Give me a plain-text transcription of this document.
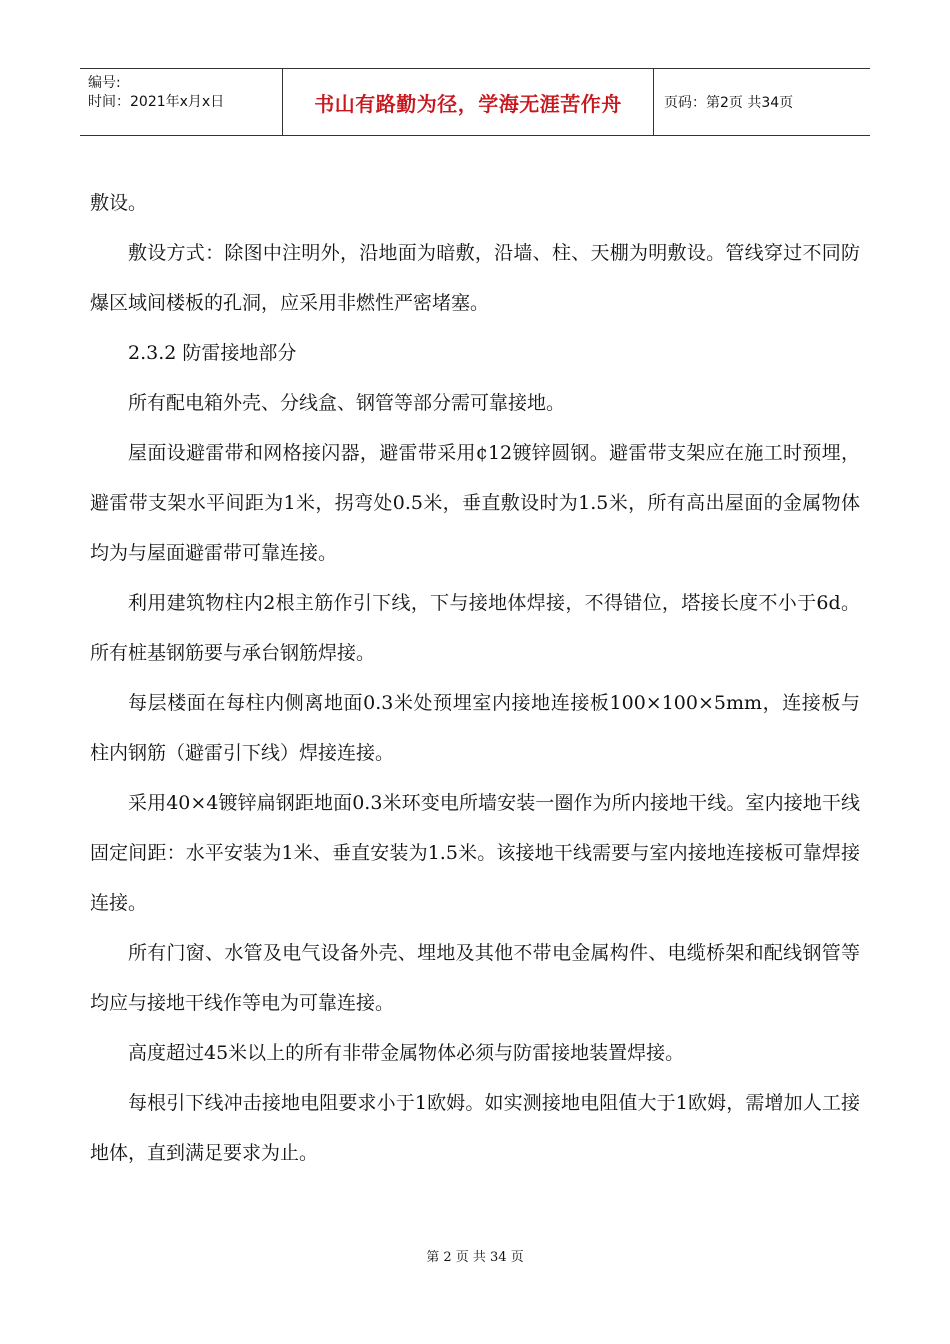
编号:
时间：2021年x月x日	书山有路勤为径，学海无涯苦作舟	页码：第2页 共34页

敷设。

敷设方式：除图中注明外，沿地面为暗敷，沿墙、柱、天棚为明敷设。管线穿过不同防爆区域间楼板的孔洞，应采用非燃性严密堵塞。

2.3.2 防雷接地部分

所有配电箱外壳、分线盒、钢管等部分需可靠接地。

屋面设避雷带和网格接闪器，避雷带采用¢12镀锌圆钢。避雷带支架应在施工时预埋，避雷带支架水平间距为1米，拐弯处0.5米，垂直敷设时为1.5米，所有高出屋面的金属物体均为与屋面避雷带可靠连接。

利用建筑物柱内2根主筋作引下线，下与接地体焊接，不得错位，塔接长度不小于6d。所有桩基钢筋要与承台钢筋焊接。

每层楼面在每柱内侧离地面0.3米处预埋室内接地连接板100×100×5mm，连接板与柱内钢筋（避雷引下线）焊接连接。

采用40×4镀锌扁钢距地面0.3米环变电所墙安装一圈作为所内接地干线。室内接地干线固定间距：水平安装为1米、垂直安装为1.5米。该接地干线需要与室内接地连接板可靠焊接连接。

所有门窗、水管及电气设备外壳、埋地及其他不带电金属构件、电缆桥架和配线钢管等均应与接地干线作等电为可靠连接。

高度超过45米以上的所有非带金属物体必须与防雷接地装置焊接。

每根引下线冲击接地电阻要求小于1欧姆。如实测接地电阻值大于1欧姆，需增加人工接地体，直到满足要求为止。

第 2 页 共 34 页
